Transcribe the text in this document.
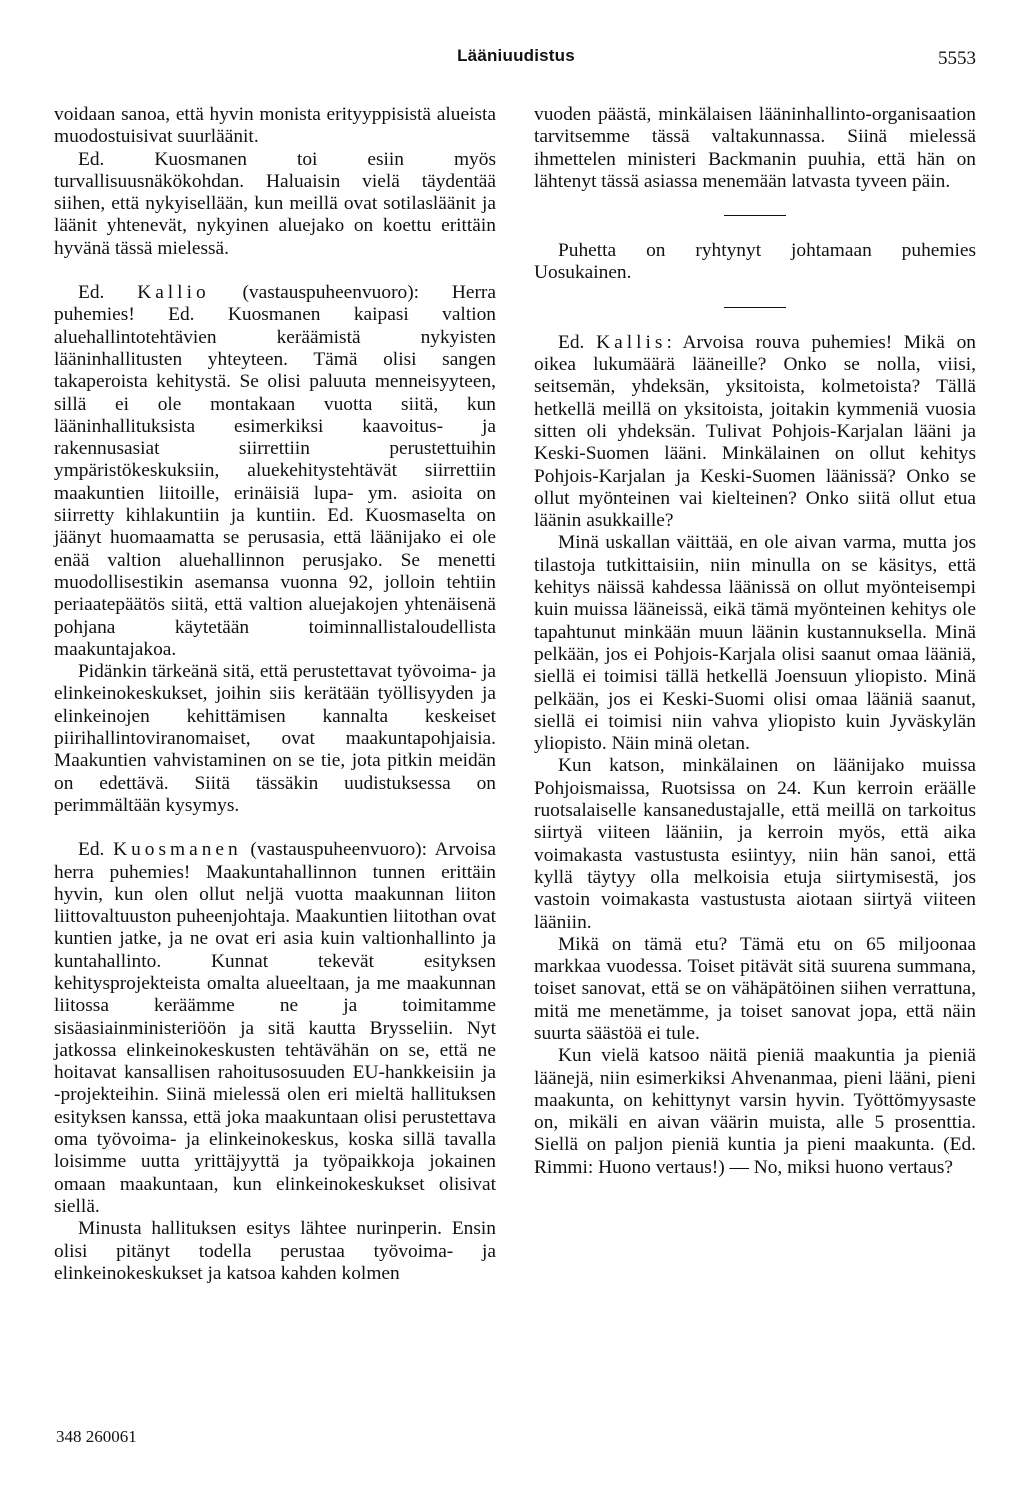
Lääniuudistus	5553

voidaan sanoa, että hyvin monista erityyppisistä alueista muodostuisivat suurläänit.

Ed. Kuosmanen toi esiin myös turvallisuusnäkökohdan. Haluaisin vielä täydentää siihen, että nykyisellään, kun meillä ovat sotilasläänit ja läänit yhtenevät, nykyinen aluejako on koettu erittäin hyvänä tässä mielessä.

Ed. Kallio (vastauspuheenvuoro): Herra puhemies! Ed. Kuosmanen kaipasi valtion aluehallintotehtävien keräämistä nykyisten lääninhallitusten yhteyteen. Tämä olisi sangen takaperoista kehitystä. Se olisi paluuta menneisyyteen, sillä ei ole montakaan vuotta siitä, kun lääninhallituksista esimerkiksi kaavoitus- ja rakennusasiat siirrettiin perustettuihin ympäristökeskuksiin, aluekehitystehtävät siirrettiin maakuntien liitoille, erinäisiä lupa- ym. asioita on siirretty kihlakuntiin ja kuntiin. Ed. Kuosmaselta on jäänyt huomaamatta se perusasia, että läänijako ei ole enää valtion aluehallinnon perusjako. Se menetti muodollisestikin asemansa vuonna 92, jolloin tehtiin periaatepäätös siitä, että valtion aluejakojen yhtenäisenä pohjana käytetään toiminnallistaloudellista maakuntajakoa.

Pidänkin tärkeänä sitä, että perustettavat työvoima- ja elinkeinokeskukset, joihin siis kerätään työllisyyden ja elinkeinojen kehittämisen kannalta keskeiset piirihallintoviranomaiset, ovat maakuntapohjaisia. Maakuntien vahvistaminen on se tie, jota pitkin meidän on edettävä. Siitä tässäkin uudistuksessa on perimmältään kysymys.

Ed. Kuosmanen (vastauspuheenvuoro): Arvoisa herra puhemies! Maakuntahallinnon tunnen erittäin hyvin, kun olen ollut neljä vuotta maakunnan liiton liittovaltuuston puheenjohtaja. Maakuntien liitothan ovat kuntien jatke, ja ne ovat eri asia kuin valtionhallinto ja kuntahallinto. Kunnat tekevät esityksen kehitysprojekteista omalta alueeltaan, ja me maakunnan liitossa keräämme ne ja toimitamme sisäasiainministeriöön ja sitä kautta Brysseliin. Nyt jatkossa elinkeinokeskusten tehtävähän on se, että ne hoitavat kansallisen rahoitusosuuden EU-hankkeisiin ja -projekteihin. Siinä mielessä olen eri mieltä hallituksen esityksen kanssa, että joka maakuntaan olisi perustettava oma työvoima- ja elinkeinokeskus, koska sillä tavalla loisimme uutta yrittäjyyttä ja työpaikkoja jokainen omaan maakuntaan, kun elinkeinokeskukset olisivat siellä.

Minusta hallituksen esitys lähtee nurinperin. Ensin olisi pitänyt todella perustaa työvoima- ja elinkeinokeskukset ja katsoa kahden kolmen

vuoden päästä, minkälaisen lääninhallinto-organisaation tarvitsemme tässä valtakunnassa. Siinä mielessä ihmettelen ministeri Backmanin puuhia, että hän on lähtenyt tässä asiassa menemään latvasta tyveen päin.

Puhetta on ryhtynyt johtamaan puhemies Uosukainen.

Ed. Kallis: Arvoisa rouva puhemies! Mikä on oikea lukumäärä lääneille? Onko se nolla, viisi, seitsemän, yhdeksän, yksitoista, kolmetoista? Tällä hetkellä meillä on yksitoista, joitakin kymmeniä vuosia sitten oli yhdeksän. Tulivat Pohjois-Karjalan lääni ja Keski-Suomen lääni. Minkälainen on ollut kehitys Pohjois-Karjalan ja Keski-Suomen läänissä? Onko se ollut myönteinen vai kielteinen? Onko siitä ollut etua läänin asukkaille?

Minä uskallan väittää, en ole aivan varma, mutta jos tilastoja tutkittaisiin, niin minulla on se käsitys, että kehitys näissä kahdessa läänissä on ollut myönteisempi kuin muissa lääneissä, eikä tämä myönteinen kehitys ole tapahtunut minkään muun läänin kustannuksella. Minä pelkään, jos ei Pohjois-Karjala olisi saanut omaa lääniä, siellä ei toimisi tällä hetkellä Joensuun yliopisto. Minä pelkään, jos ei Keski-Suomi olisi omaa lääniä saanut, siellä ei toimisi niin vahva yliopisto kuin Jyväskylän yliopisto. Näin minä oletan.

Kun katson, minkälainen on läänijako muissa Pohjoismaissa, Ruotsissa on 24. Kun kerroin eräälle ruotsalaiselle kansanedustajalle, että meillä on tarkoitus siirtyä viiteen lääniin, ja kerroin myös, että aika voimakasta vastustusta esiintyy, niin hän sanoi, että kyllä täytyy olla melkoisia etuja siirtymisestä, jos vastoin voimakasta vastustusta aiotaan siirtyä viiteen lääniin.

Mikä on tämä etu? Tämä etu on 65 miljoonaa markkaa vuodessa. Toiset pitävät sitä suurena summana, toiset sanovat, että se on vähäpätöinen siihen verrattuna, mitä me menetämme, ja toiset sanovat jopa, että näin suurta säästöä ei tule.

Kun vielä katsoo näitä pieniä maakuntia ja pieniä läänejä, niin esimerkiksi Ahvenanmaa, pieni lääni, pieni maakunta, on kehittynyt varsin hyvin. Työttömyysaste on, mikäli en aivan väärin muista, alle 5 prosenttia. Siellä on paljon pieniä kuntia ja pieni maakunta. (Ed. Rimmi: Huono vertaus!) — No, miksi huono vertaus?

348 260061
